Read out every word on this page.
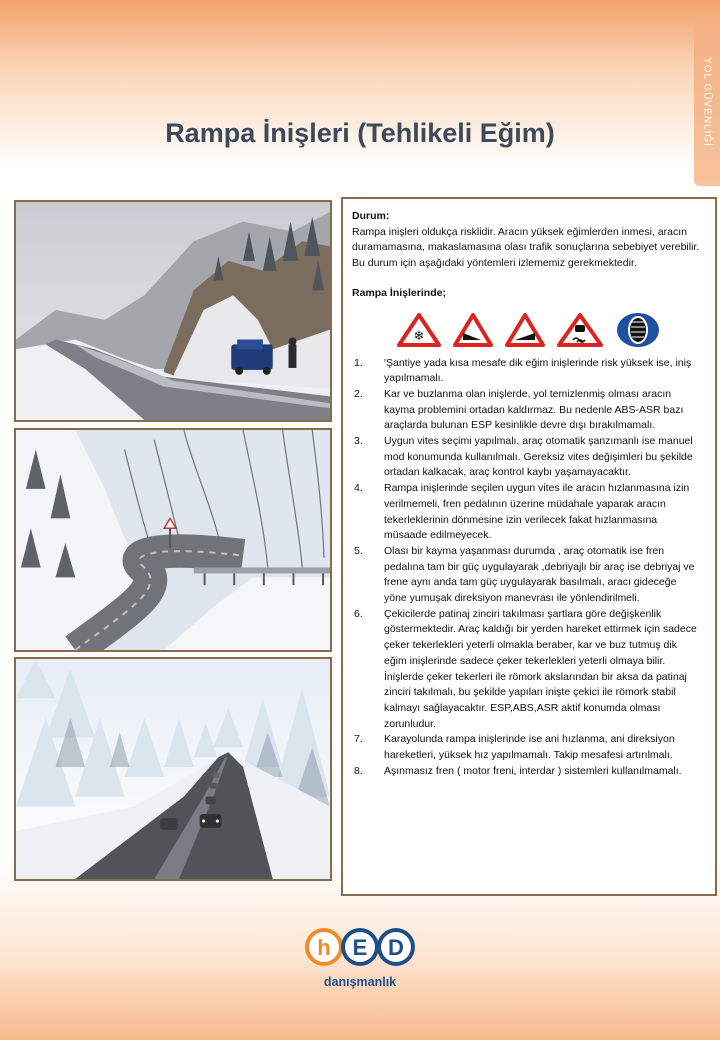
YOL GÜVENLİĞİ
Rampa İnişleri (Tehlikeli Eğim)

Durum:

Rampa inişleri oldukça risklidir. Aracın yüksek eğimlerden inmesi, aracın duramamasına, makaslamasına olası trafik sonuçlarına sebebiyet verebilir.

Bu durum için aşağıdaki yöntemleri izlememiz gerekmektedir.

Rampa İnişlerinde;

❄
1.	'Şantiye yada kısa mesafe dik eğim inişlerinde risk yüksek ise, iniş yapılmamalı.
2.	Kar ve buzlanma olan inişlerde, yol temizlenmiş olması aracın kayma problemini ortadan kaldırmaz. Bu nedenle ABS-ASR bazı araçlarda bulunan ESP kesinlikle devre dışı bırakılmamalı.
3.	Uygun vites seçimi yapılmalı, araç otomatik şanzımanlı ise manuel mod konumunda kullanılmalı. Gereksiz vites değişimleri bu şekilde ortadan kalkacak, araç kontrol kaybı yaşamayacaktır.
4.	Rampa inişlerinde seçilen uygun vites ile aracın hızlanmasına izin verilmemeli, fren pedalının üzerine müdahale yaparak aracın tekerleklerinin dönmesine izin verilecek fakat hızlanmasına müsaade edilmeyecek.
5.	Olası bir kayma yaşanması durumda , araç otomatik ise fren pedalına tam bir güç uygulayarak ,debriyajlı bir araç ise debriyaj ve frene aynı anda tam güç uygulayarak basılmalı, aracı gideceğe yöne yumuşak direksiyon manevrası ile yönlendirilmeli.
6.	Çekicilerde patinaj zinciri takılması şartlara göre değişkenlik göstermektedir. Araç kaldığı bir yerden hareket ettirmek için sadece çeker tekerlekleri yeterli olmakla beraber, kar ve buz tutmuş dik eğim inişlerinde sadece çeker tekerlekleri yeterli olmaya bilir. İnişlerde çeker tekerleri ile römork akslarından bir aksa da patinaj zinciri takılmalı, bu şekilde yapılan inişte çekici ile römork stabil kalmayı sağlayacaktır. ESP,ABS,ASR aktif konumda olması zorunludur.
7.	Karayolunda rampa inişlerinde ise ani hızlanma, ani direksiyon hareketleri, yüksek hız yapılmamalı. Takip mesafesi artırılmalı.
8.	Aşınmasız fren ( motor freni, interdar ) sistemleri kullanılmamalı.
h E D
danışmanlık
